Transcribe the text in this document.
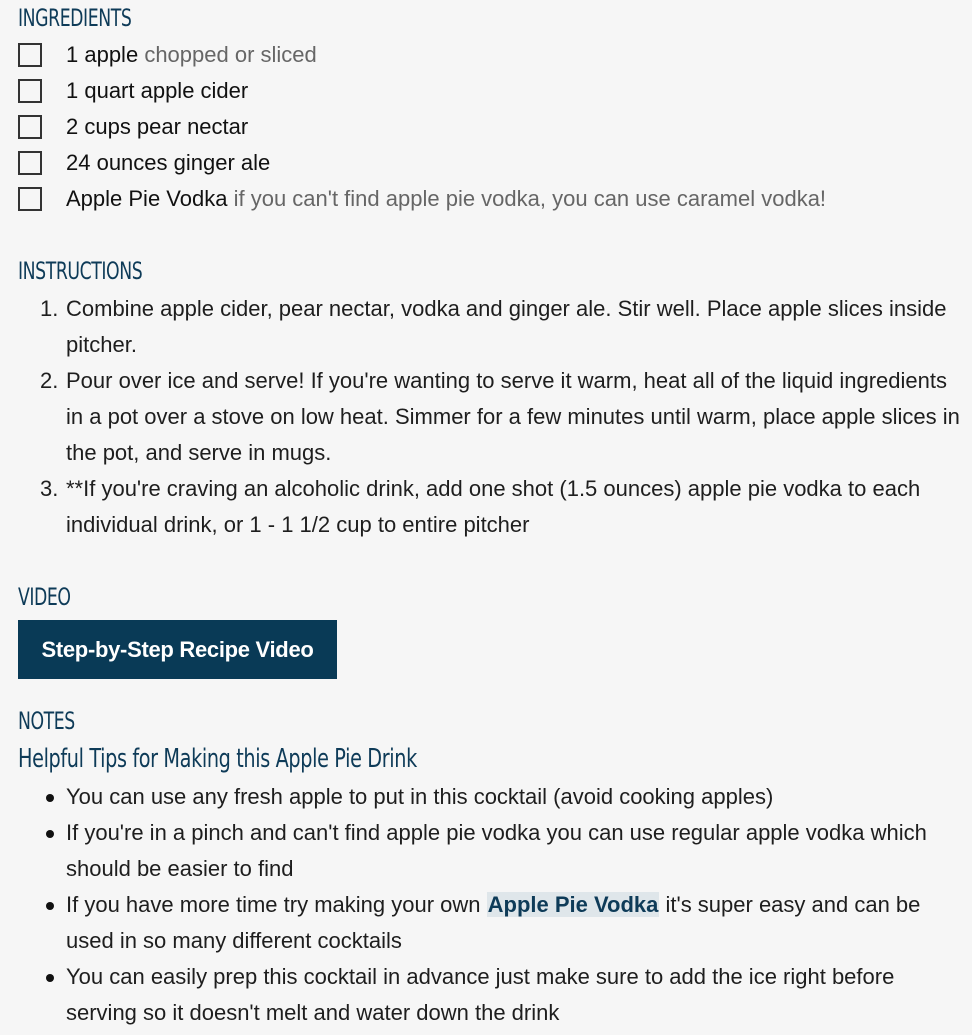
INGREDIENTS
1 apple chopped or sliced
1 quart apple cider
2 cups pear nectar
24 ounces ginger ale
Apple Pie Vodka if you can't find apple pie vodka, you can use caramel vodka!
INSTRUCTIONS
1. Combine apple cider, pear nectar, vodka and ginger ale. Stir well. Place apple slices inside pitcher.
2. Pour over ice and serve! If you're wanting to serve it warm, heat all of the liquid ingredients in a pot over a stove on low heat. Simmer for a few minutes until warm, place apple slices in the pot, and serve in mugs.
3. **If you're craving an alcoholic drink, add one shot (1.5 ounces) apple pie vodka to each individual drink, or 1 - 1 1/2 cup to entire pitcher
VIDEO
Step-by-Step Recipe Video
NOTES
Helpful Tips for Making this Apple Pie Drink
You can use any fresh apple to put in this cocktail (avoid cooking apples)
If you're in a pinch and can't find apple pie vodka you can use regular apple vodka which should be easier to find
If you have more time try making your own Apple Pie Vodka it's super easy and can be used in so many different cocktails
You can easily prep this cocktail in advance just make sure to add the ice right before serving so it doesn't melt and water down the drink
